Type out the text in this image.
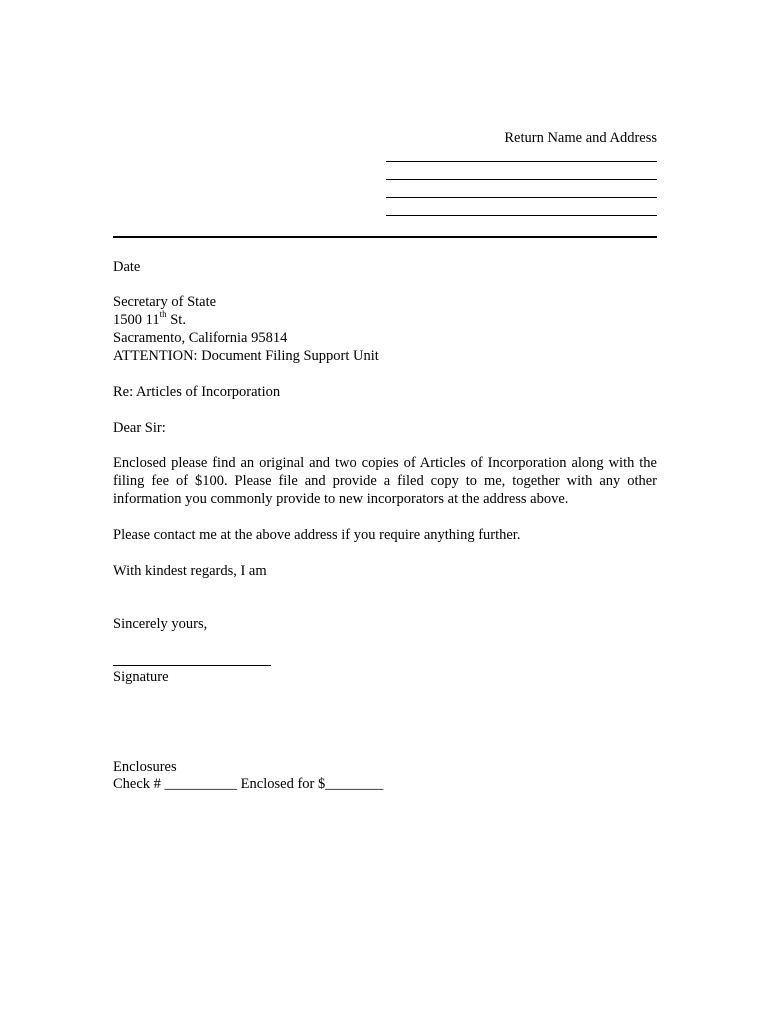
Return Name and Address
Date
Secretary of State
1500 11th St.
Sacramento, California 95814
ATTENTION: Document Filing Support Unit
Re: Articles of Incorporation
Dear Sir:
Enclosed please find an original and two copies of Articles of Incorporation along with the filing fee of $100. Please file and provide a filed copy to me, together with any other information you commonly provide to new incorporators at the address above.
Please contact me at the above address if you require anything further.
With kindest regards, I am
Sincerely yours,
Signature
Enclosures
Check # __________ Enclosed for $________
